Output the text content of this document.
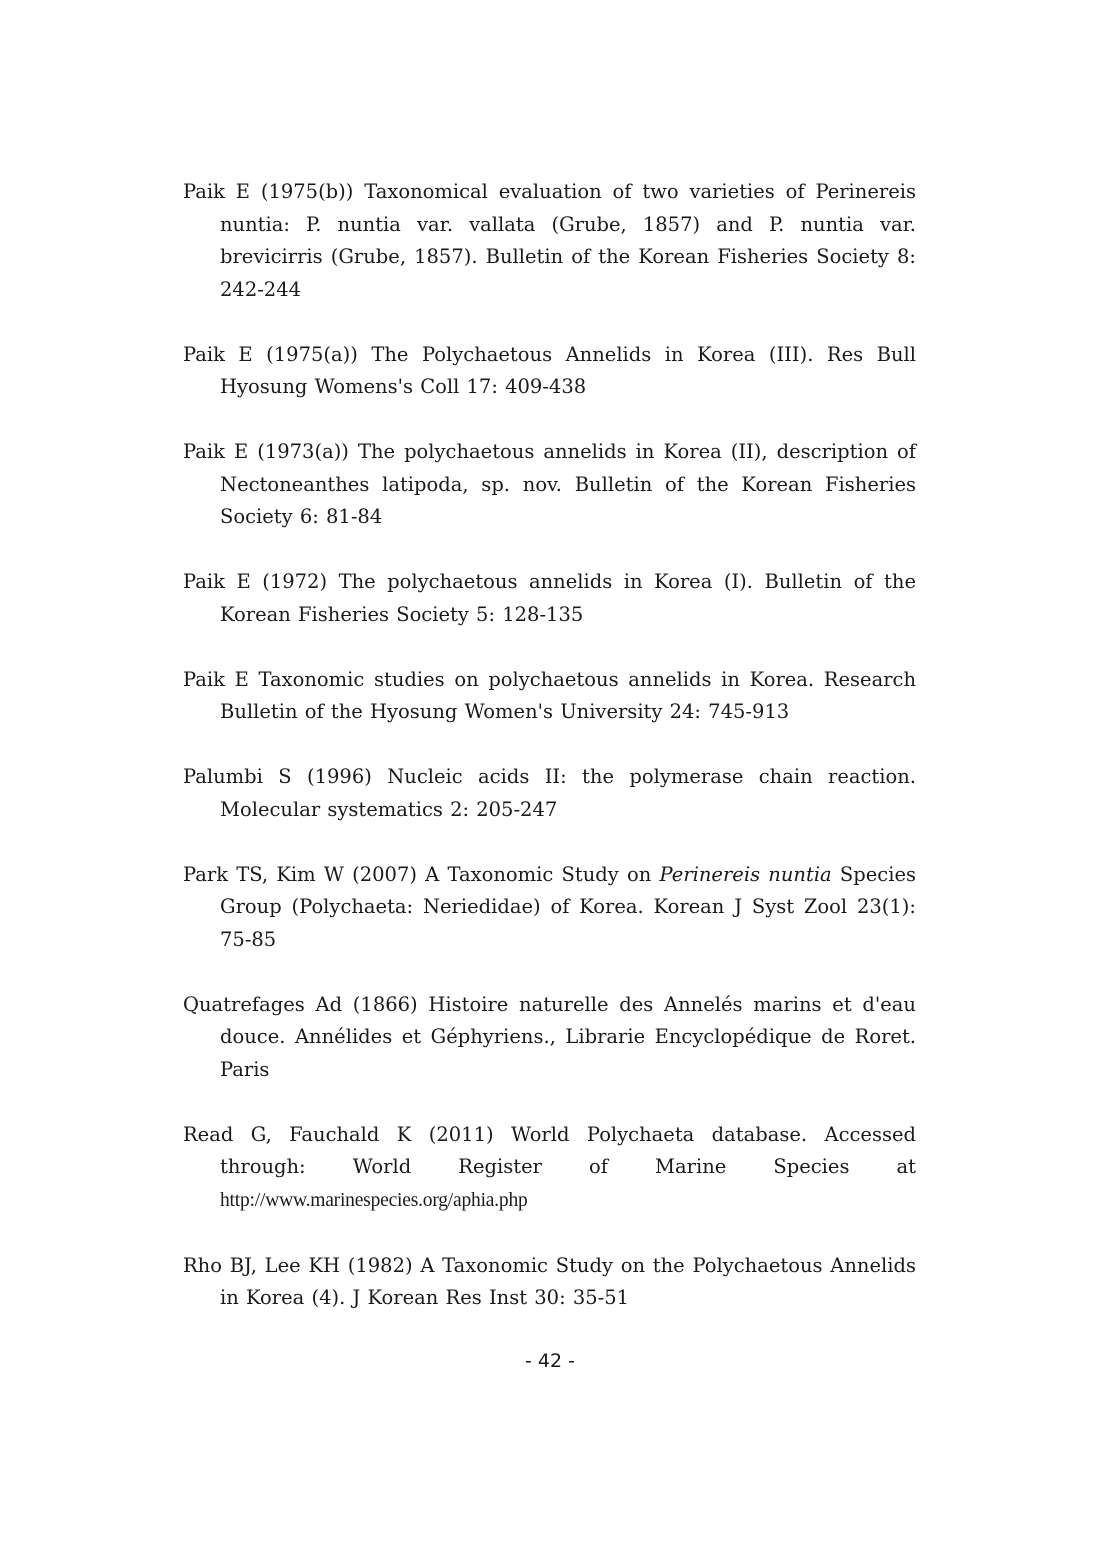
Paik E (1975(b)) Taxonomical evaluation of two varieties of Perinereis nuntia: P. nuntia var. vallata (Grube, 1857) and P. nuntia var. brevicirris (Grube, 1857). Bulletin of the Korean Fisheries Society 8: 242-244

Paik E (1975(a)) The Polychaetous Annelids in Korea (III). Res Bull Hyosung Womens's Coll 17: 409-438

Paik E (1973(a)) The polychaetous annelids in Korea (II), description of Nectoneanthes latipoda, sp. nov. Bulletin of the Korean Fisheries Society 6: 81-84

Paik E (1972) The polychaetous annelids in Korea (I). Bulletin of the Korean Fisheries Society 5: 128-135

Paik E Taxonomic studies on polychaetous annelids in Korea. Research Bulletin of the Hyosung Women's University 24: 745-913

Palumbi S (1996) Nucleic acids II: the polymerase chain reaction. Molecular systematics 2: 205-247

Park TS, Kim W (2007) A Taxonomic Study on Perinereis nuntia Species Group (Polychaeta: Neriedidae) of Korea. Korean J Syst Zool 23(1): 75-85

Quatrefages Ad (1866) Histoire naturelle des Annelés marins et d'eau douce. Annélides et Géphyriens., Librarie Encyclopédique de Roret. Paris

Read G, Fauchald K (2011) World Polychaeta database. Accessed through: World Register of Marine Species at http://www.marinespecies.org/aphia.php

Rho BJ, Lee KH (1982) A Taxonomic Study on the Polychaetous Annelids in Korea (4). J Korean Res Inst 30: 35-51

- 42 -
